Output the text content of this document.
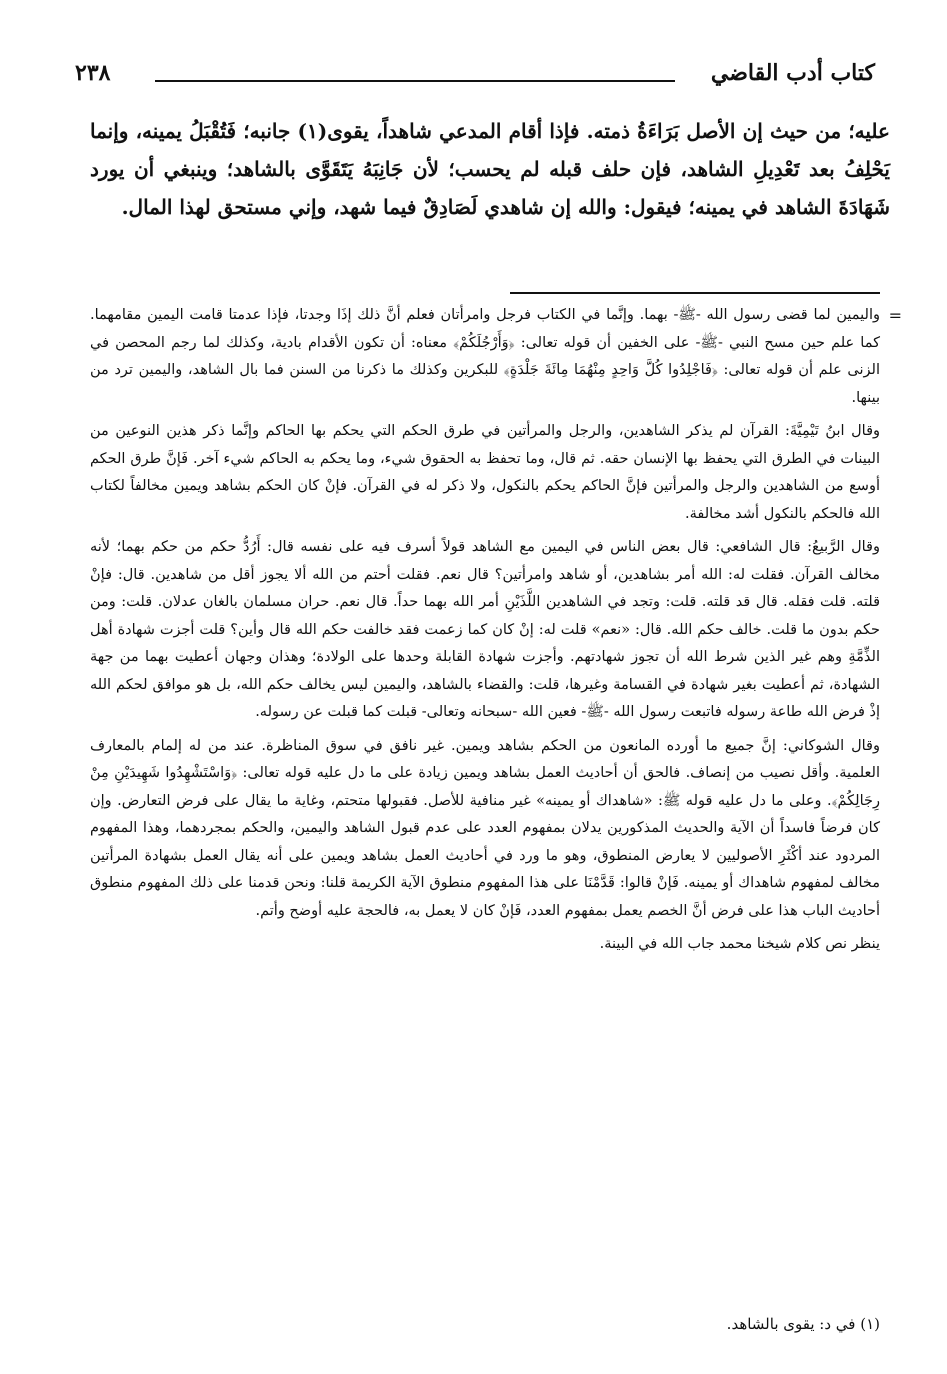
كتاب أدب القاضي
٢٣٨

عليه؛ من حيث إن الأصل بَرَاءَةُ ذمته. فإذا أقام المدعي شاهداً، يقوى(١) جانبه؛ فَتُقْبَلُ يمينه، وإنما يَحْلِفُ بعد تَعْدِيلِ الشاهد، فإن حلف قبله لم يحسب؛ لأن جَانِبَهُ يَتَقَوَّى بالشاهد؛ وينبغي أن يورد شَهَادَةَ الشاهد في يمينه؛ فيقول: والله إن شاهدي لَصَادِقٌ فيما شهد، وإني مستحق لهذا المال.

=

واليمين لما قضى رسول الله -ﷺ- بهما. وإنَّما في الكتاب فرجل وامرأتان فعلم أنَّ ذلك إذَا وجدتا، فإذا عدمتا قامت اليمين مقامهما. كما علم حين مسح النبي -ﷺ- على الخفين أن قوله تعالى: ﴿وَأَرْجُلَكُمْ﴾ معناه: أن تكون الأقدام بادية، وكذلك لما رجم المحصن في الزنى علم أن قوله تعالى: ﴿فَاجْلِدُوا كُلَّ وَاحِدٍ مِنْهُمَا مِائَةَ جَلْدَةٍ﴾ للبكرين وكذلك ما ذكرنا من السنن فما بال الشاهد، واليمين ترد من بينها.

وقال ابنُ تَيْمِيَّةَ: القرآن لم يذكر الشاهدين، والرجل والمرأتين في طرق الحكم التي يحكم بها الحاكم وإنَّما ذكر هذين النوعين من البينات في الطرق التي يحفظ بها الإنسان حقه. ثم قال، وما تحفظ به الحقوق شيء، وما يحكم به الحاكم شيء آخر. فَإنَّ طرق الحكم أوسع من الشاهدين والرجل والمرأتين فإنَّ الحاكم يحكم بالنكول، ولا ذكر له في القرآن. فإنْ كان الحكم بشاهد ويمين مخالفاً لكتاب الله فالحكم بالنكول أشد مخالفة.

وقال الرَّبيعُ: قال الشافعي: قال بعض الناس في اليمين مع الشاهد قولاً أسرف فيه على نفسه قال: أَرُدُّ حكم من حكم بهما؛ لأنه مخالف القرآن. فقلت له: الله أمر بشاهدين، أو شاهد وامرأتين؟ قال نعم. فقلت أحتم من الله ألا يجوز أقل من شاهدين. قال: فإنْ قلته. قلت فقله. قال قد قلته. قلت: وتجد في الشاهدين اللَّذَيْنِ أمر الله بهما حداً. قال نعم. حران مسلمان بالغان عدلان. قلت: ومن حكم بدون ما قلت. خالف حكم الله. قال: «نعم» قلت له: إنْ كان كما زعمت فقد خالفت حكم الله قال وأين؟ قلت أجزت شهادة أهل الذِّمَّةِ وهم غير الذين شرط الله أن تجوز شهادتهم. وأجزت شهادة القابلة وحدها على الولادة؛ وهذان وجهان أعطيت بهما من جهة الشهادة، ثم أعطيت بغير شهادة في القسامة وغيرها، قلت: والقضاء بالشاهد، واليمين ليس يخالف حكم الله، بل هو موافق لحكم الله إذْ فرض الله طاعة رسوله فاتبعت رسول الله -ﷺ- فعين الله -سبحانه وتعالى- قبلت كما قبلت عن رسوله.

وقال الشوكاني: إنَّ جميع ما أورده المانعون من الحكم بشاهد ويمين. غير نافق في سوق المناظرة. عند من له إلمام بالمعارف العلمية. وأقل نصيب من إنصاف. فالحق أن أحاديث العمل بشاهد ويمين زيادة على ما دل عليه قوله تعالى: ﴿وَاسْتَشْهِدُوا شَهِيدَيْنِ مِنْ رِجَالِكُمْ﴾. وعلى ما دل عليه قوله ﷺ: «شاهداك أو يمينه» غير منافية للأصل. فقبولها متحتم، وغاية ما يقال على فرض التعارض. وإن كان فرضاً فاسداً أن الآية والحديث المذكورين يدلان بمفهوم العدد على عدم قبول الشاهد واليمين، والحكم بمجردهما، وهذا المفهوم المردود عند أكْثَرِ الأصوليين لا يعارض المنطوق، وهو ما ورد في أحاديث العمل بشاهد ويمين على أنه يقال العمل بشهادة المرأتين مخالف لمفهوم شاهداك أو يمينه. فَإنْ قالوا: قَدَّمْنَا على هذا المفهوم منطوق الآية الكريمة قلنا: ونحن قدمنا على ذلك المفهوم منطوق أحاديث الباب هذا على فرض أنَّ الخصم يعمل بمفهوم العدد، فَإنْ كان لا يعمل به، فالحجة عليه أوضح وأتم.

ينظر نص كلام شيخنا محمد جاب الله في البينة.

(١) في د: يقوى بالشاهد.
